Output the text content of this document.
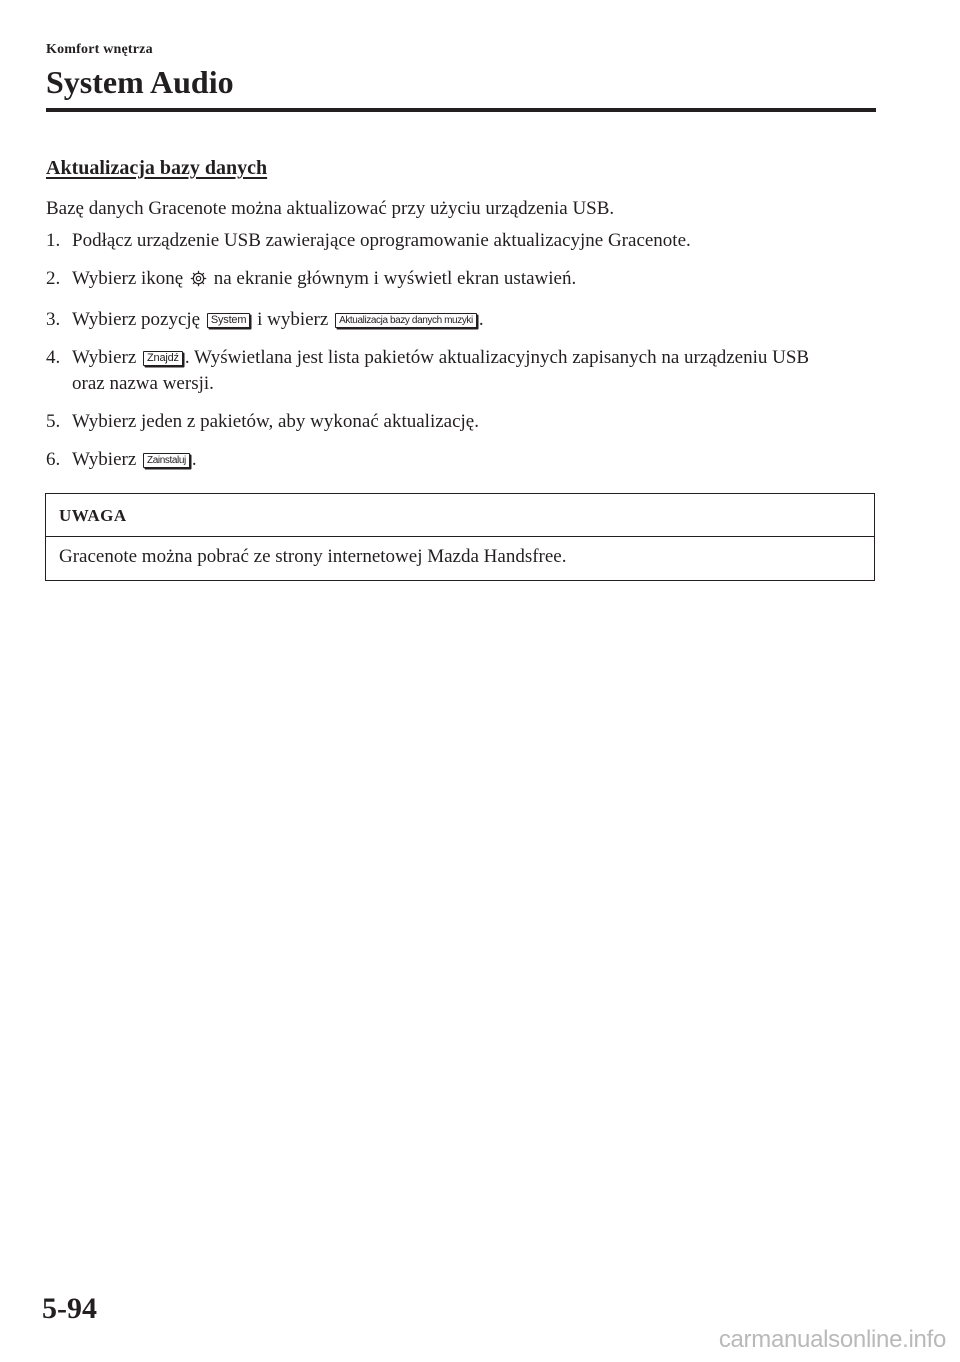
Komfort wnętrza
System Audio
Aktualizacja bazy danych
Bazę danych Gracenote można aktualizować przy użyciu urządzenia USB.
1. Podłącz urządzenie USB zawierające oprogramowanie aktualizacyjne Gracenote.
2. Wybierz ikonę na ekranie głównym i wyświetl ekran ustawień.
3. Wybierz pozycję System i wybierz Aktualizacja bazy danych muzyki .
4. Wybierz Znajdź . Wyświetlana jest lista pakietów aktualizacyjnych zapisanych na urządzeniu USB oraz nazwa wersji.
5. Wybierz jeden z pakietów, aby wykonać aktualizację.
6. Wybierz Zainstaluj .
UWAGA
Gracenote można pobrać ze strony internetowej Mazda Handsfree.
5-94
carmanualsonline.info
